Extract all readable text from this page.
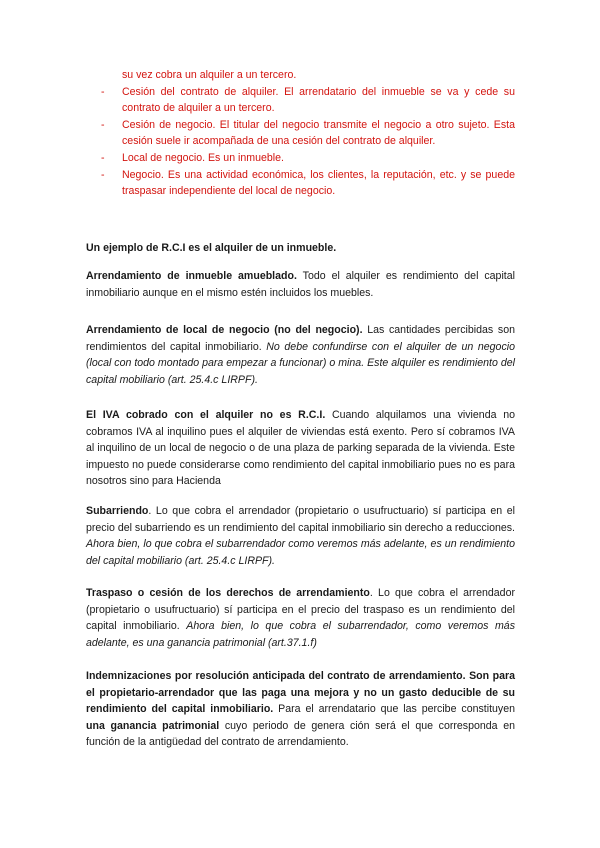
su vez cobra un alquiler a un tercero.
- Cesión del contrato de alquiler. El arrendatario del inmueble se va y cede su contrato de alquiler a un tercero.
- Cesión de negocio. El titular del negocio transmite el negocio a otro sujeto. Esta cesión suele ir acompañada de una cesión del contrato de alquiler.
- Local de negocio. Es un inmueble.
- Negocio. Es una actividad económica, los clientes, la reputación, etc. y se puede traspasar independiente del local de negocio.
Un ejemplo de R.C.I es el alquiler de un inmueble.
Arrendamiento de inmueble amueblado. Todo el alquiler es rendimiento del capital inmobiliario aunque en el mismo estén incluidos los muebles.
Arrendamiento de local de negocio (no del negocio). Las cantidades percibidas son rendimientos del capital inmobiliario. No debe confundirse con el alquiler de un negocio (local con todo montado para empezar a funcionar) o mina. Este alquiler es rendimiento del capital mobiliario (art. 25.4.c LIRPF).
El IVA cobrado con el alquiler no es R.C.I. Cuando alquilamos una vivienda no cobramos IVA al inquilino pues el alquiler de viviendas está exento. Pero sí cobramos IVA al inquilino de un local de negocio o de una plaza de parking separada de la vivienda. Este impuesto no puede considerarse como rendimiento del capital inmobiliario pues no es para nosotros sino para Hacienda
Subarriendo. Lo que cobra el arrendador (propietario o usufructuario) sí participa en el precio del subarriendo es un rendimiento del capital inmobiliario sin derecho a reducciones. Ahora bien, lo que cobra el subarrendador como veremos más adelante, es un rendimiento del capital mobiliario (art. 25.4.c LIRPF).
Traspaso o cesión de los derechos de arrendamiento. Lo que cobra el arrendador (propietario o usufructuario) sí participa en el precio del traspaso es un rendimiento del capital inmobiliario. Ahora bien, lo que cobra el subarrendador, como veremos más adelante, es una ganancia patrimonial (art.37.1.f)
Indemnizaciones por resolución anticipada del contrato de arrendamiento. Son para el propietario-arrendador que las paga una mejora y no un gasto deducible de su rendimiento del capital inmobiliario. Para el arrendatario que las percibe constituyen una ganancia patrimonial cuyo periodo de genera ción será el que corresponda en función de la antigüedad del contrato de arrendamiento.
